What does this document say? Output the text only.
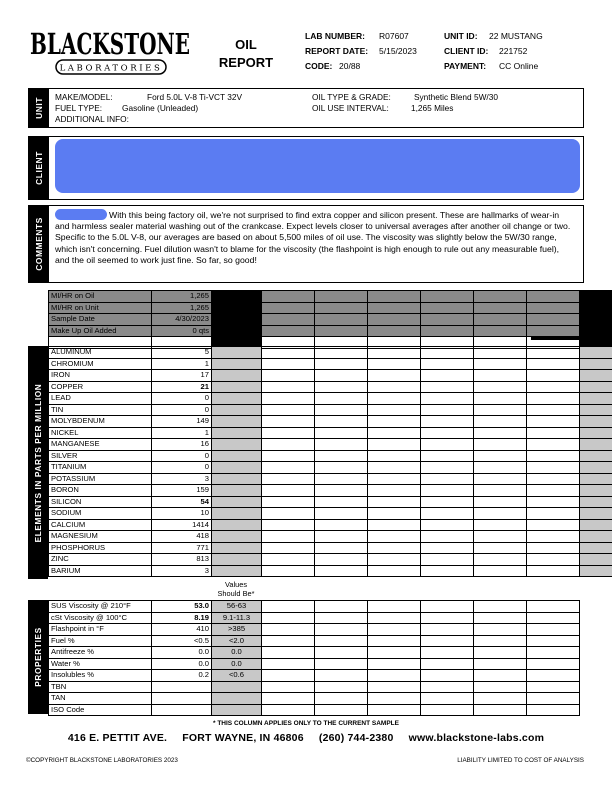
BLACKSTONE
LABORATORIES
OIL
REPORT
LAB NUMBER: R07607
REPORT DATE: 5/15/2023
CODE: 20/88
UNIT ID: 22 MUSTANG
CLIENT ID: 221752
PAYMENT: CC Online
UNIT
MAKE/MODEL:	Ford 5.0L V-8 Ti-VCT 32V
FUEL TYPE: Gasoline (Unleaded)
ADDITIONAL INFO:
OIL TYPE & GRADE:	Synthetic Blend 5W/30
OIL USE INTERVAL:	1,265 Miles
CLIENT
COMMENTS
With this being factory oil, we're not surprised to find extra copper and silicon present. These are hallmarks of wear-in and harmless sealer material washing out of the crankcase. Expect levels closer to universal averages after another oil change or two. Specific to the 5.0L V-8, our averages are based on about 5,500 miles of oil use. The viscosity was slightly below the 5W/30 range, which isn't concerning. Fuel dilution wasn't to blame for the viscosity (the flashpoint is high enough to rule out any measurable fuel), and the oil seemed to work just fine. So far, so good!
MI/HR on Oil	1,265								
MI/HR on Unit	1,265								
Sample Date	4/30/2023								
Make Up Oil Added	0 qts								

ELEMENTS IN PARTS PER MILLION
ALUMINUM	5								
CHROMIUM	1								
IRON	17								
COPPER	21								
LEAD	0								
TIN	0								
MOLYBDENUM	149								
NICKEL	1								
MANGANESE	16								
SILVER	0								
TITANIUM	0								
POTASSIUM	3								
BORON	159								
SILICON	54								
SODIUM	10								
CALCIUM	1414								
MAGNESIUM	418								
PHOSPHORUS	771								
ZINC	813								
BARIUM	3								
Values
Should Be*
PROPERTIES
SUS Viscosity @ 210°F	53.0	56-63							
cSt Viscosity @ 100°C	8.19	9.1-11.3							
Flashpoint in °F	410	>385							
Fuel %	<0.5	<2.0							
Antifreeze %	0.0	0.0							
Water %	0.0	0.0							
Insolubles %	0.2	<0.6							
TBN									
TAN									
ISO Code									
* THIS COLUMN APPLIES ONLY TO THE CURRENT SAMPLE
416 E. PETTIT AVE. FORT WAYNE, IN 46806 (260) 744-2380 www.blackstone-labs.com
©COPYRIGHT BLACKSTONE LABORATORIES 2023	LIABILITY LIMITED TO COST OF ANALYSIS
